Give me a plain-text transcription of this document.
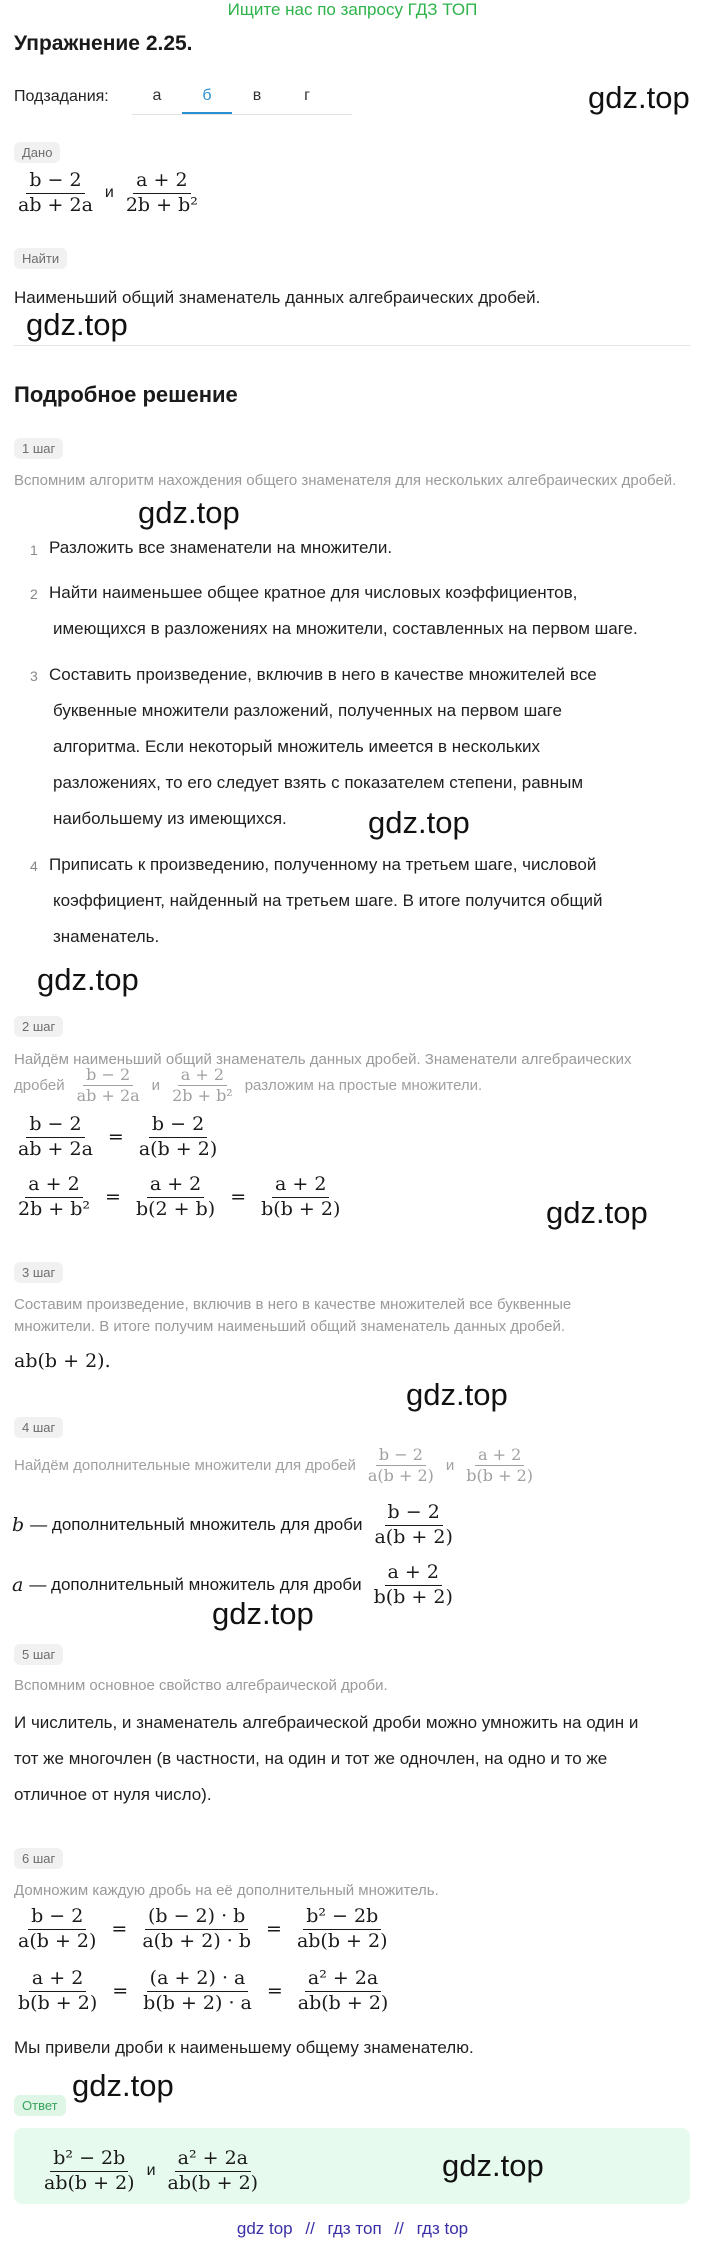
Ищите нас по запросу ГДЗ ТОП
Упражнение 2.25.
gdz.top
Подзадания:	а	б	в	г
Дано
$\frac{b - 2}{ab + 2a}$ и $\frac{a + 2}{\text{2b + b²}}$
Найти
Наименьший общий знаменатель данных алгебраических дробей.
gdz.top
Подробное решение
1 шаг
Вспомним алгоритм нахождения общего знаменателя для нескольких алгебраических дробей.
gdz.top
1 Разложить все знаменатели на множители.
2 Найти наименьшее общее кратное для числовых коэффициентов,
имеющихся в разложениях на множители, составленных на первом шаге.
3 Составить произведение, включив в него в качестве множителей все
буквенные множители разложений, полученных на первом шаге
алгоритма. Если некоторый множитель имеется в нескольких
разложениях, то его следует взять с показателем степени, равным
наибольшему из имеющихся.	gdz.top
4 Приписать к произведению, полученному на третьем шаге, числовой
коэффициент, найденный на третьем шаге. В итоге получится общий
знаменатель.
gdz.top
2 шаг
Найдём наименьший общий знаменатель данных дробей. Знаменатели алгебраических
дробей $\frac{b - 2}{ab + 2a}$ и $\frac{a + 2}{\text{2b + b²}}$ разложим на простые множители.
$\frac{b - 2}{ab + 2a} = \frac{b - 2}{a(b + 2)}$
$\frac{a + 2}{\text{2b + b²}} = \frac{a + 2}{b(2 + b)} = \frac{a + 2}{b(b + 2)}$	gdz.top
3 шаг
Составим произведение, включив в него в качестве множителей все буквенные
множители. В итоге получим наименьший общий знаменатель данных дробей.
ab(b + 2).
gdz.top
4 шаг
Найдём дополнительные множители для дробей $\frac{b - 2}{a(b + 2)}$ и $\frac{a + 2}{b(b + 2)}$
b — дополнительный множитель для дроби $\frac{b - 2}{a(b + 2)}$
a — дополнительный множитель для дроби $\frac{a + 2}{b(b + 2)}$
gdz.top
5 шаг
Вспомним основное свойство алгебраической дроби.
И числитель, и знаменатель алгебраической дроби можно умножить на один и
тот же многочлен (в частности, на один и тот же одночлен, на одно и то же
отличное от нуля число).
6 шаг
Домножим каждую дробь на её дополнительный множитель.
$\frac{b - 2}{a(b + 2)} = \frac{(b - 2) \cdot b}{a(b + 2) \cdot b} = \frac{\text{b² − 2b}}{ab(b + 2)}$
$\frac{a + 2}{b(b + 2)} = \frac{(a + 2) \cdot a}{b(b + 2) \cdot a} = \frac{\text{a² + 2a}}{ab(b + 2)}$
Мы привели дроби к наименьшему общему знаменателю.
gdz.top
Ответ
$\frac{\text{b² − 2b}}{ab(b + 2)}$ и $\frac{\text{a² + 2a}}{ab(b + 2)}$	gdz.top
gdz top // гдз топ // гдз top
